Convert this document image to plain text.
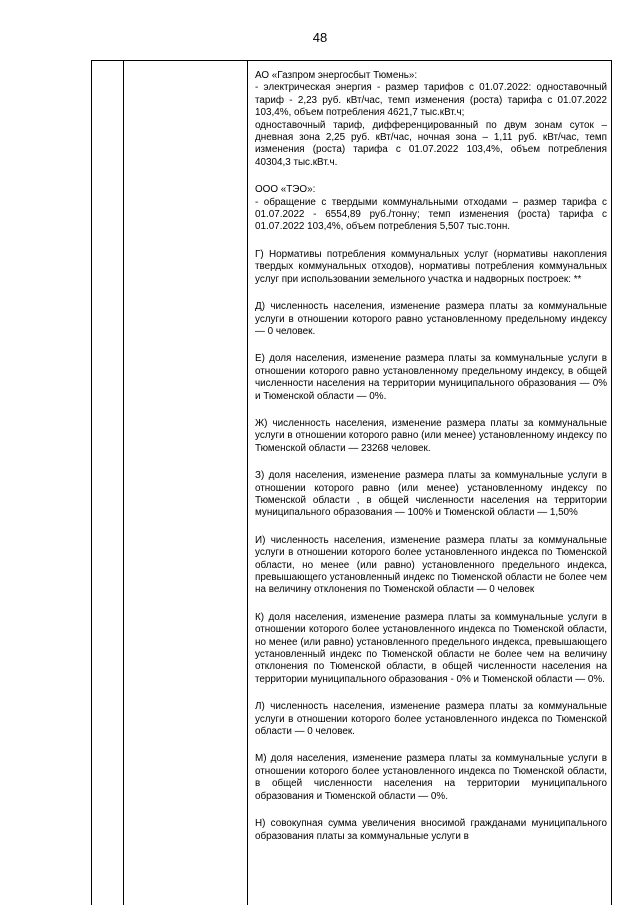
48

АО «Газпром энергосбыт Тюмень»:
- электрическая энергия - размер тарифов с 01.07.2022: одноставочный тариф - 2,23 руб. кВт/час, темп изменения (роста) тарифа с 01.07.2022 103,4%, объем потребления 4621,7 тыс.кВт.ч;
одноставочный тариф, дифференцированный по двум зонам суток – дневная зона 2,25 руб. кВт/час, ночная зона – 1,11 руб. кВт/час, темп изменения (роста) тарифа с 01.07.2022 103,4%, объем потребления 40304,3 тыс.кВт.ч.

ООО «ТЭО»:
- обращение с твердыми коммунальными отходами – размер тарифа с 01.07.2022 - 6554,89 руб./тонну; темп изменения (роста) тарифа с 01.07.2022 103,4%, объем потребления 5,507 тыс.тонн.

Г) Нормативы потребления коммунальных услуг (нормативы накопления твердых коммунальных отходов), нормативы потребления коммунальных услуг при использовании земельного участка и надворных построек: **

Д) численность населения, изменение размера платы за коммунальные услуги в отношении которого равно установленному предельному индексу — 0 человек.

Е) доля населения, изменение размера платы за коммунальные услуги в отношении которого равно установленному предельному индексу, в общей численности населения на территории муниципального образования — 0% и Тюменской области — 0%.

Ж) численность населения, изменение размера платы за коммунальные услуги в отношении которого равно (или менее) установленному индексу по Тюменской области — 23268 человек.

З) доля населения, изменение размера платы за коммунальные услуги в отношении которого равно (или менее) установленному индексу по Тюменской области , в общей численности населения на территории муниципального образования — 100% и Тюменской области — 1,50%

И) численность населения, изменение размера платы за коммунальные услуги в отношении которого более установленного индекса по Тюменской области, но менее (или равно) установленного предельного индекса, превышающего установленный индекс по Тюменской области не более чем на величину отклонения по Тюменской области — 0 человек

К) доля населения, изменение размера платы за коммунальные услуги в отношении которого более установленного индекса по Тюменской области, но менее (или равно) установленного предельного индекса, превышающего установленный индекс по Тюменской области не более чем на величину отклонения по Тюменской области, в общей численности населения на территории муниципального образования - 0% и Тюменской области — 0%.

Л) численность населения, изменение размера платы за коммунальные услуги в отношении которого более установленного индекса по Тюменской области — 0 человек.

М) доля населения, изменение размера платы за коммунальные услуги в отношении которого более установленного индекса по Тюменской области, в общей численности населения на территории муниципального образования и Тюменской области — 0%.

Н) совокупная сумма увеличения вносимой гражданами муниципального образования платы за коммунальные услуги в
